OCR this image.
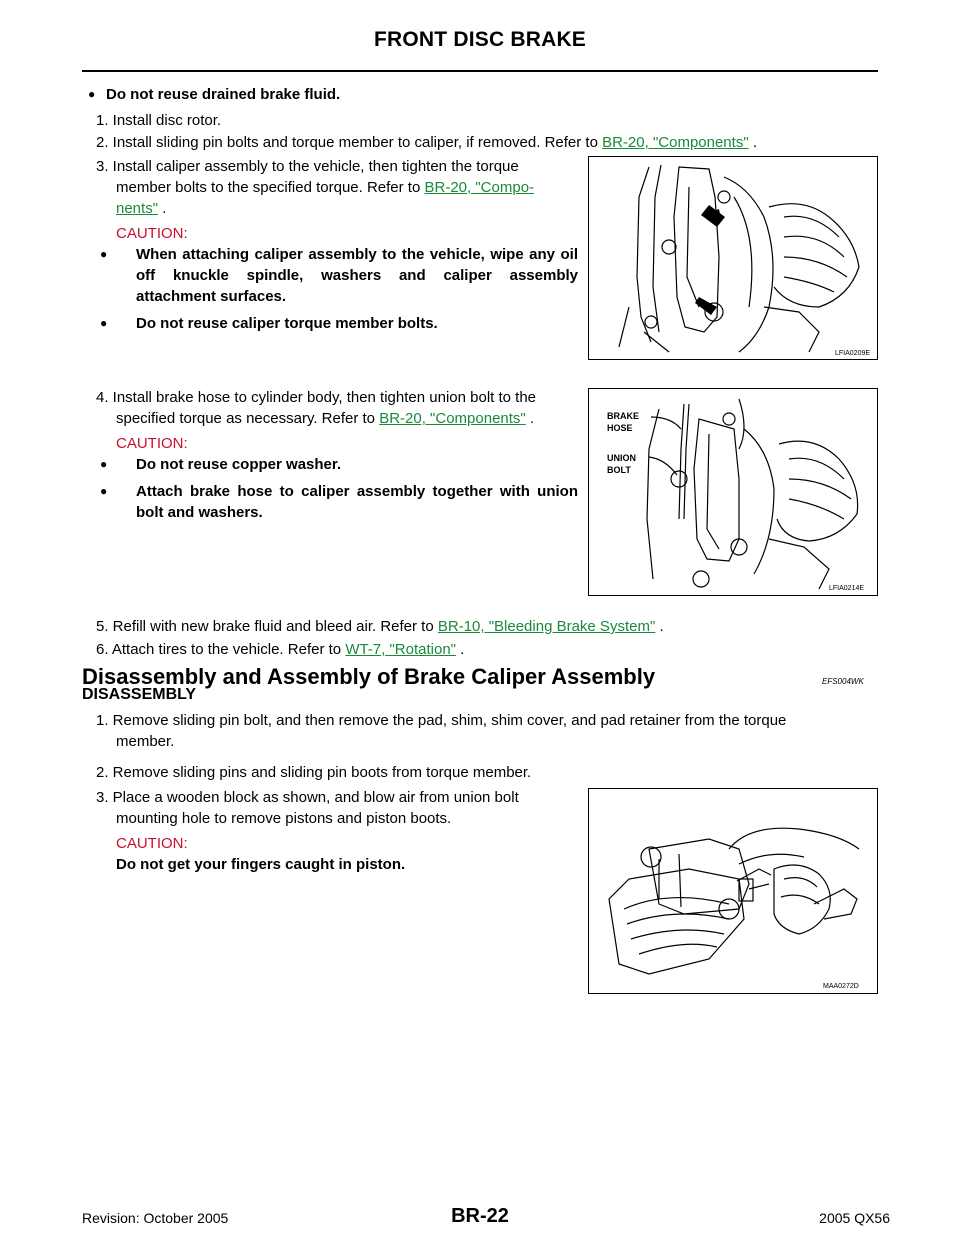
FRONT DISC BRAKE
● Do not reuse drained brake fluid.
1. Install disc rotor.
2. Install sliding pin bolts and torque member to caliper, if removed. Refer to BR-20, "Components" .
3. Install caliper assembly to the vehicle, then tighten the torque
member bolts to the specified torque. Refer to BR-20, "Compo-
nents" .
CAUTION:
● When attaching caliper assembly to the vehicle, wipe any oil off knuckle spindle, washers and caliper assembly attachment surfaces.
● Do not reuse caliper torque member bolts.
LFIA0209E
4. Install brake hose to cylinder body, then tighten union bolt to the
specified torque as necessary. Refer to BR-20, "Components" .
CAUTION:
● Do not reuse copper washer.
● Attach brake hose to caliper assembly together with union bolt and washers.
BRAKE
HOSE
UNION
BOLT
LFIA0214E
5. Refill with new brake fluid and bleed air. Refer to BR-10, "Bleeding Brake System" .
6. Attach tires to the vehicle. Refer to WT-7, "Rotation" .
Disassembly and Assembly of Brake Caliper Assembly	EFS004WK
DISASSEMBLY
1. Remove sliding pin bolt, and then remove the pad, shim, shim cover, and pad retainer from the torque
member.
2. Remove sliding pins and sliding pin boots from torque member.
3. Place a wooden block as shown, and blow air from union bolt
mounting hole to remove pistons and piston boots.
CAUTION:
Do not get your fingers caught in piston.
MAA0272D
Revision: October 2005	BR-22	2005 QX56
